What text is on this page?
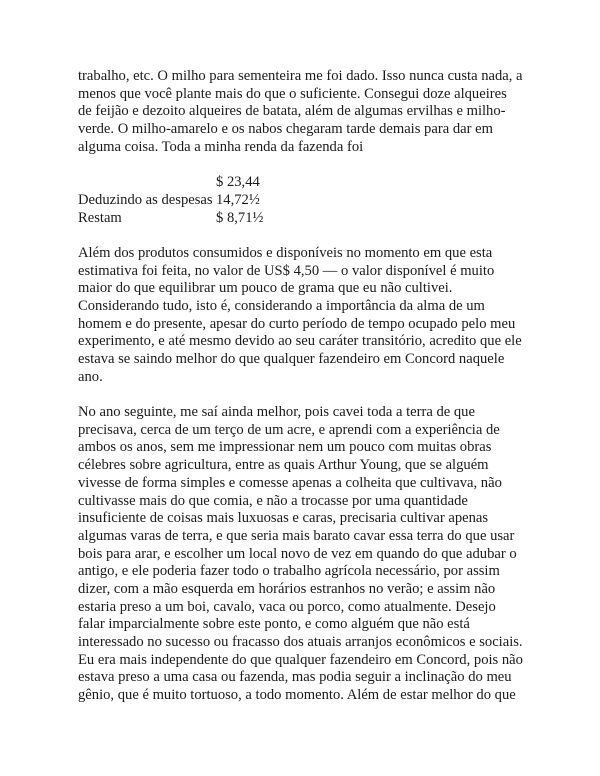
trabalho, etc. O milho para sementeira me foi dado. Isso nunca custa nada, a
menos que você plante mais do que o suficiente. Consegui doze alqueires
de feijão e dezoito alqueires de batata, além de algumas ervilhas e milho-
verde. O milho-amarelo e os nabos chegaram tarde demais para dar em
alguma coisa. Toda a minha renda da fazenda foi
$ 23,44
Deduzindo as despesas 14,72½
Restam	$ 8,71½
Além dos produtos consumidos e disponíveis no momento em que esta
estimativa foi feita, no valor de US$ 4,50 — o valor disponível é muito
maior do que equilibrar um pouco de grama que eu não cultivei.
Considerando tudo, isto é, considerando a importância da alma de um
homem e do presente, apesar do curto período de tempo ocupado pelo meu
experimento, e até mesmo devido ao seu caráter transitório, acredito que ele
estava se saindo melhor do que qualquer fazendeiro em Concord naquele
ano.
No ano seguinte, me saí ainda melhor, pois cavei toda a terra de que
precisava, cerca de um terço de um acre, e aprendi com a experiência de
ambos os anos, sem me impressionar nem um pouco com muitas obras
célebres sobre agricultura, entre as quais Arthur Young, que se alguém
vivesse de forma simples e comesse apenas a colheita que cultivava, não
cultivasse mais do que comia, e não a trocasse por uma quantidade
insuficiente de coisas mais luxuosas e caras, precisaria cultivar apenas
algumas varas de terra, e que seria mais barato cavar essa terra do que usar
bois para arar, e escolher um local novo de vez em quando do que adubar o
antigo, e ele poderia fazer todo o trabalho agrícola necessário, por assim
dizer, com a mão esquerda em horários estranhos no verão; e assim não
estaria preso a um boi, cavalo, vaca ou porco, como atualmente. Desejo
falar imparcialmente sobre este ponto, e como alguém que não está
interessado no sucesso ou fracasso dos atuais arranjos econômicos e sociais.
Eu era mais independente do que qualquer fazendeiro em Concord, pois não
estava preso a uma casa ou fazenda, mas podia seguir a inclinação do meu
gênio, que é muito tortuoso, a todo momento. Além de estar melhor do que
